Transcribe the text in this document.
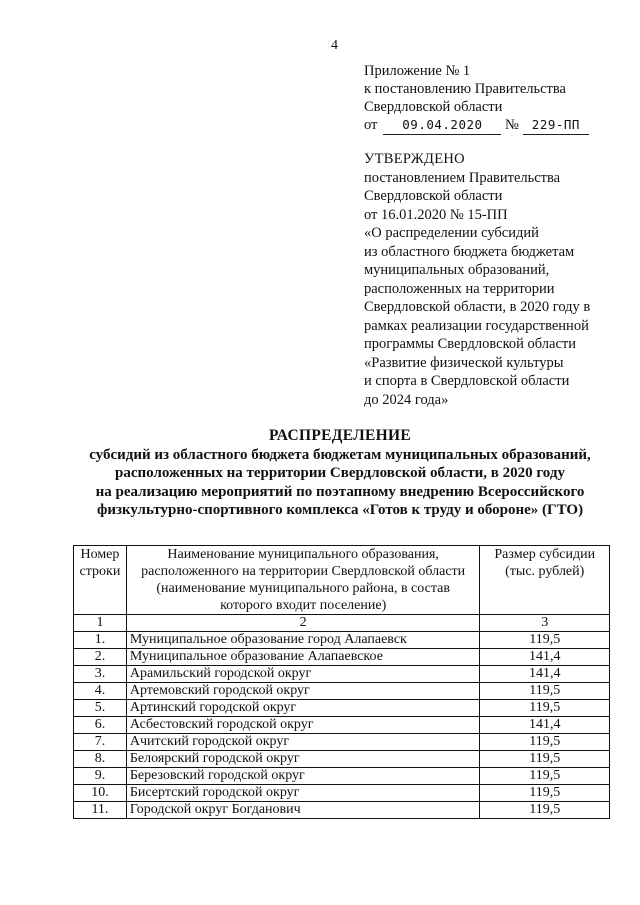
4
Приложение № 1
к постановлению Правительства
Свердловской области
от 09.04.2020 № 229-ПП
УТВЕРЖДЕНО
постановлением Правительства
Свердловской области
от 16.01.2020 № 15-ПП
«О распределении субсидий
из областного бюджета бюджетам
муниципальных образований,
расположенных на территории
Свердловской области, в 2020 году в
рамках реализации государственной
программы Свердловской области
«Развитие физической культуры
и спорта в Свердловской области
до 2024 года»
РАСПРЕДЕЛЕНИЕ
субсидий из областного бюджета бюджетам муниципальных образований,
расположенных на территории Свердловской области, в 2020 году
на реализацию мероприятий по поэтапному внедрению Всероссийского
физкультурно-спортивного комплекса «Готов к труду и обороне» (ГТО)
Номер строки	Наименование муниципального образования, расположенного на территории Свердловской области (наименование муниципального района, в состав которого входит поселение)	Размер субсидии (тыс. рублей)
1	2	3
1.	Муниципальное образование город Алапаевск	119,5
2.	Муниципальное образование Алапаевское	141,4
3.	Арамильский городской округ	141,4
4.	Артемовский городской округ	119,5
5.	Артинский городской округ	119,5
6.	Асбестовский городской округ	141,4
7.	Ачитский городской округ	119,5
8.	Белоярский городской округ	119,5
9.	Березовский городской округ	119,5
10.	Бисертский городской округ	119,5
11.	Городской округ Богданович	119,5
